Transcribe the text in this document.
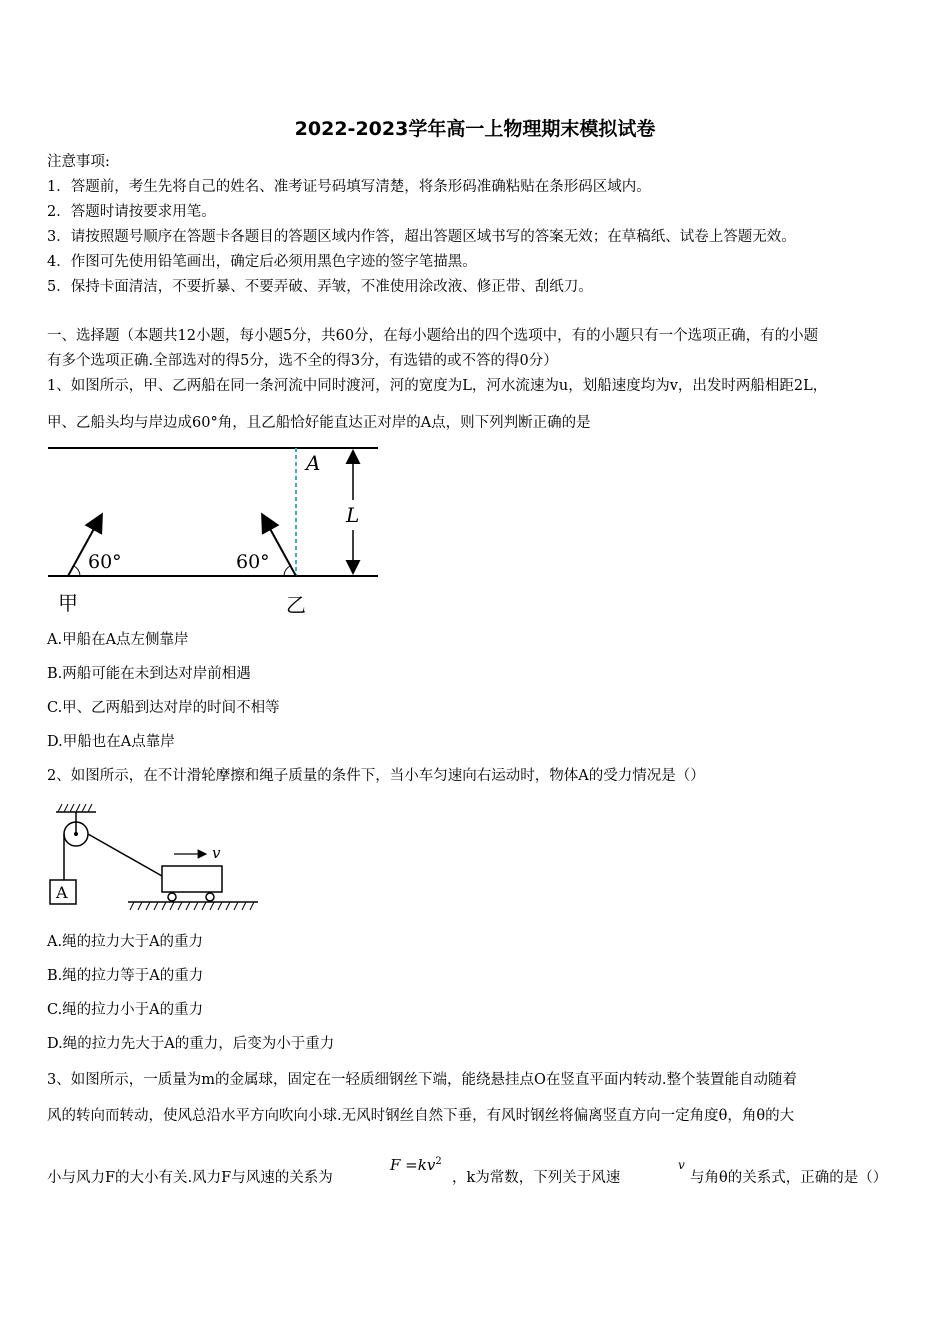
2022-2023学年高一上物理期末模拟试卷
注意事项:
1．答题前，考生先将自己的姓名、准考证号码填写清楚，将条形码准确粘贴在条形码区域内。
2．答题时请按要求用笔。
3．请按照题号顺序在答题卡各题目的答题区域内作答，超出答题区域书写的答案无效；在草稿纸、试卷上答题无效。
4．作图可先使用铅笔画出，确定后必须用黑色字迹的签字笔描黑。
5．保持卡面清洁，不要折暴、不要弄破、弄皱，不准使用涂改液、修正带、刮纸刀。
一、选择题（本题共12小题，每小题5分，共60分，在每小题给出的四个选项中，有的小题只有一个选项正确，有的小题
有多个选项正确.全部选对的得5分，选不全的得3分，有选错的或不答的得0分）
1、如图所示，甲、乙两船在同一条河流中同时渡河，河的宽度为L，河水流速为u，划船速度均为v，出发时两船相距2L，
甲、乙船头均与岸边成60°角，且乙船恰好能直达正对岸的A点，则下列判断正确的是
A
L
60°	60°
甲	乙
A.甲船在A点左侧靠岸
B.两船可能在未到达对岸前相遇
C.甲、乙两船到达对岸的时间不相等
D.甲船也在A点靠岸
2、如图所示，在不计滑轮摩擦和绳子质量的条件下，当小车匀速向右运动时，物体A的受力情况是（）
A
v
A.绳的拉力大于A的重力
B.绳的拉力等于A的重力
C.绳的拉力小于A的重力
D.绳的拉力先大于A的重力，后变为小于重力
3、如图所示，一质量为m的金属球，固定在一轻质细钢丝下端，能绕悬挂点O在竖直平面内转动.整个装置能自动随着
风的转向而转动，使风总沿水平方向吹向小球.无风时钢丝自然下垂，有风时钢丝将偏离竖直方向一定角度θ，角θ的大
小与风力F的大小有关.风力F与风速的关系为
$F =kv^2$
，k为常数，下列关于风速
v
与角θ的关系式，正确的是（）
